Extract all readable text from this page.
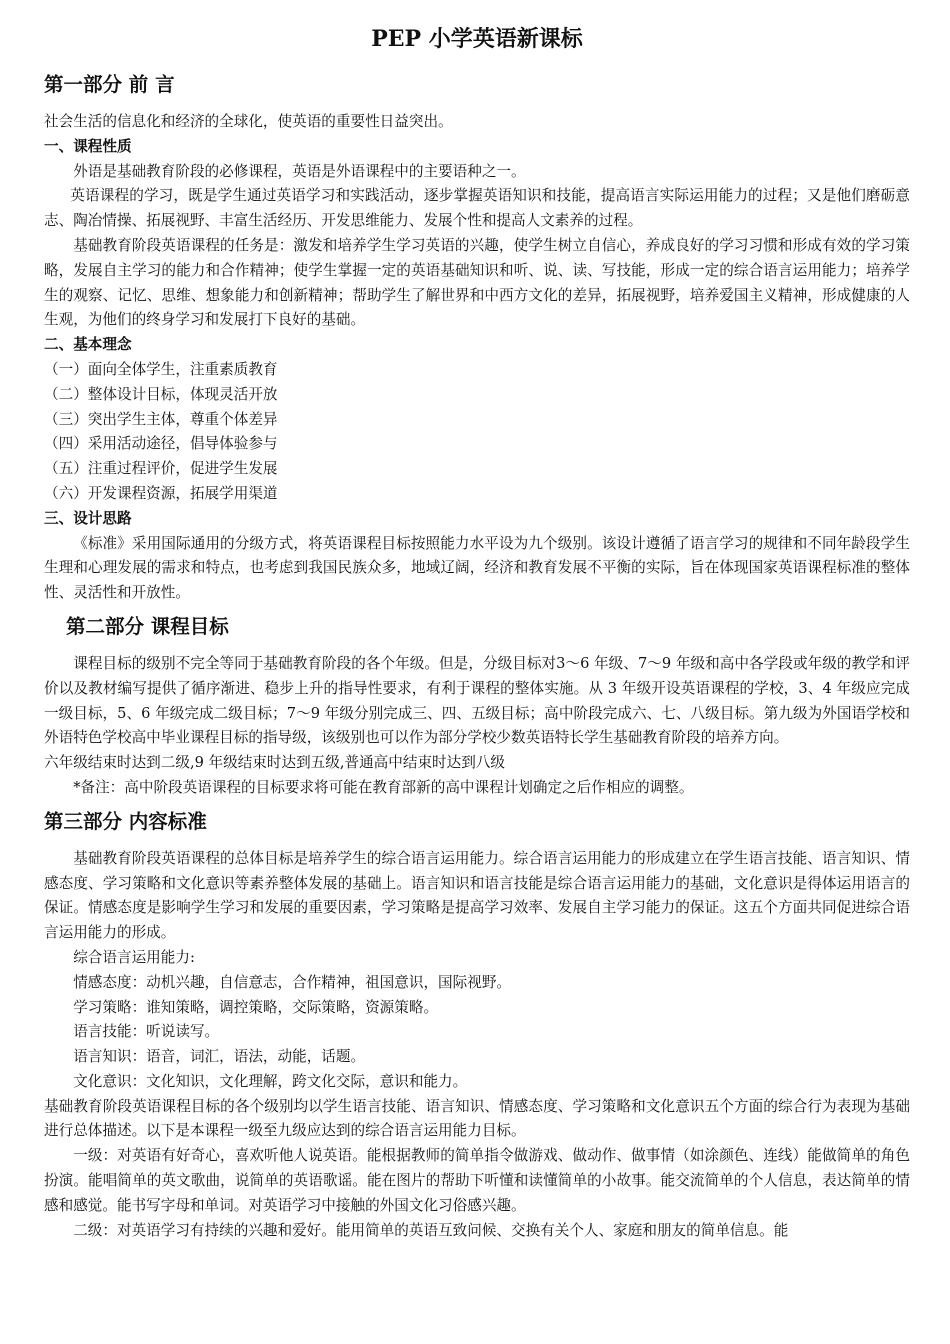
PEP 小学英语新课标
第一部分 前 言

社会生活的信息化和经济的全球化，使英语的重要性日益突出。

一、课程性质

外语是基础教育阶段的必修课程，英语是外语课程中的主要语种之一。

英语课程的学习，既是学生通过英语学习和实践活动，逐步掌握英语知识和技能，提高语言实际运用能力的过程；又是他们磨砺意志、陶冶情操、拓展视野、丰富生活经历、开发思维能力、发展个性和提高人文素养的过程。

基础教育阶段英语课程的任务是：激发和培养学生学习英语的兴趣，使学生树立自信心，养成良好的学习习惯和形成有效的学习策略，发展自主学习的能力和合作精神；使学生掌握一定的英语基础知识和听、说、读、写技能，形成一定的综合语言运用能力；培养学生的观察、记忆、思维、想象能力和创新精神；帮助学生了解世界和中西方文化的差异，拓展视野，培养爱国主义精神，形成健康的人生观，为他们的终身学习和发展打下良好的基础。

二、基本理念

（一）面向全体学生，注重素质教育

（二）整体设计目标，体现灵活开放

（三）突出学生主体，尊重个体差异

（四）采用活动途径，倡导体验参与

（五）注重过程评价，促进学生发展

（六）开发课程资源，拓展学用渠道

三、设计思路

《标准》采用国际通用的分级方式，将英语课程目标按照能力水平设为九个级别。该设计遵循了语言学习的规律和不同年龄段学生生理和心理发展的需求和特点，也考虑到我国民族众多，地域辽阔，经济和教育发展不平衡的实际，旨在体现国家英语课程标准的整体性、灵活性和开放性。

第二部分 课程目标

课程目标的级别不完全等同于基础教育阶段的各个年级。但是，分级目标对3～6 年级、7～9 年级和高中各学段或年级的教学和评价以及教材编写提供了循序渐进、稳步上升的指导性要求，有利于课程的整体实施。从 3 年级开设英语课程的学校，3、4 年级应完成一级目标，5、6 年级完成二级目标；7～9 年级分别完成三、四、五级目标；高中阶段完成六、七、八级目标。第九级为外国语学校和外语特色学校高中毕业课程目标的指导级，该级别也可以作为部分学校少数英语特长学生基础教育阶段的培养方向。

六年级结束时达到二级,9 年级结束时达到五级,普通高中结束时达到八级

*备注：高中阶段英语课程的目标要求将可能在教育部新的高中课程计划确定之后作相应的调整。

第三部分 内容标准

基础教育阶段英语课程的总体目标是培养学生的综合语言运用能力。综合语言运用能力的形成建立在学生语言技能、语言知识、情感态度、学习策略和文化意识等素养整体发展的基础上。语言知识和语言技能是综合语言运用能力的基础，文化意识是得体运用语言的保证。情感态度是影响学生学习和发展的重要因素，学习策略是提高学习效率、发展自主学习能力的保证。这五个方面共同促进综合语言运用能力的形成。

综合语言运用能力:

情感态度：动机兴趣，自信意志，合作精神，祖国意识，国际视野。

学习策略：谁知策略，调控策略，交际策略，资源策略。

语言技能：听说读写。

语言知识：语音，词汇，语法，动能，话题。

文化意识：文化知识，文化理解，跨文化交际，意识和能力。

基础教育阶段英语课程目标的各个级别均以学生语言技能、语言知识、情感态度、学习策略和文化意识五个方面的综合行为表现为基础进行总体描述。以下是本课程一级至九级应达到的综合语言运用能力目标。

一级：对英语有好奇心，喜欢听他人说英语。能根据教师的简单指令做游戏、做动作、做事情（如涂颜色、连线）能做简单的角色扮演。能唱简单的英文歌曲，说简单的英语歌谣。能在图片的帮助下听懂和读懂简单的小故事。能交流简单的个人信息，表达简单的情感和感觉。能书写字母和单词。对英语学习中接触的外国文化习俗感兴趣。

二级：对英语学习有持续的兴趣和爱好。能用简单的英语互致问候、交换有关个人、家庭和朋友的简单信息。能
